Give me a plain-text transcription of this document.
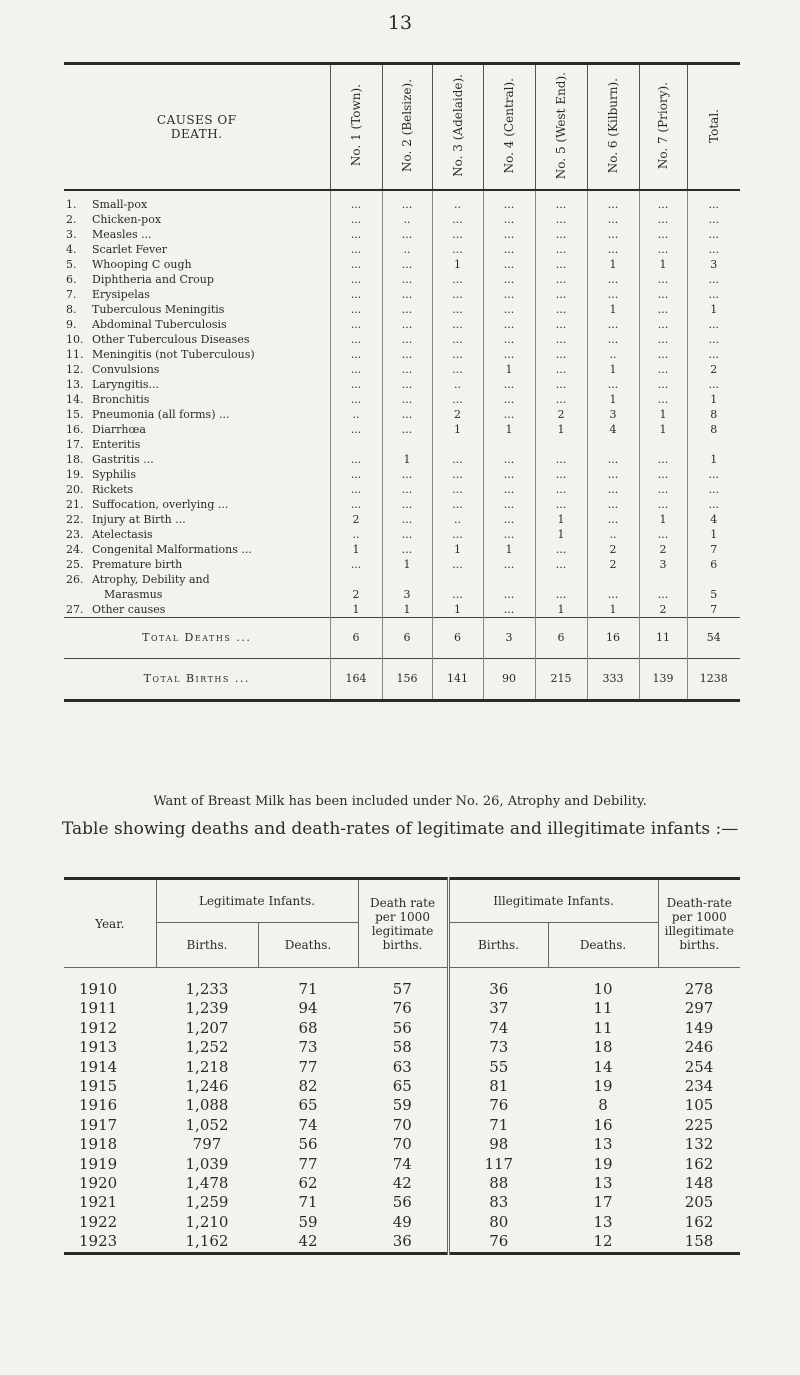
13
CAUSES OF DEATH.	No. 1 (Town).	No. 2 (Belsize).	No. 3 (Adelaide).	No. 4 (Central).	No. 5 (West End).	No. 6 (Kilburn).	No. 7 (Priory).	Total.
1. Small-pox	...	...	..	...	...	...	...	...
2. Chicken-pox	...	..	...	...	...	...	...	...
3. Measles ...	...	...	...	...	...	...	...	...
4. Scarlet Fever	...	..	...	...	...	...	...	...
5. Whooping C ough	...	...	1	...	...	1	1	3
6. Diphtheria and Croup	...	...	...	...	...	...	...	...
7. Erysipelas	...	...	...	...	...	...	...	...
8. Tuberculous Meningitis	...	...	...	...	...	1	...	1
9. Abdominal Tuberculosis	...	...	...	...	...	...	...	...
10. Other Tuberculous Diseases	...	...	...	...	...	...	...	...
11. Meningitis (not Tuberculous)	...	...	...	...	...	..	...	...
12. Convulsions	...	...	...	1	...	1	...	2
13. Laryngitis...	...	...	..	...	...	...	...	...
14. Bronchitis	...	...	...	...	...	1	...	1
15. Pneumonia (all forms) ...	..	...	2	...	2	3	1	8
16. Diarrhœa	...	...	1	1	1	4	1	8
17. Enteritis								
18. Gastritis ...	...	1	...	...	...	...	...	1
19. Syphilis	...	...	...	...	...	...	...	...
20. Rickets	...	...	...	...	...	...	...	...
21. Suffocation, overlying ...	...	...	...	...	...	...	...	...
22. Injury at Birth ...	2	...	..	...	1	...	1	4
23. Atelectasis	..	...	...	...	1	..	...	1
24. Congenital Malformations ...	1	...	1	1	...	2	2	7
25. Premature birth	...	1	...	...	...	2	3	6
26. Atrophy, Debility and								
Marasmus	2	3	...	...	...	...	...	5
27. Other causes	1	1	1	...	1	1	2	7
Total Deaths ...	6	6	6	3	6	16	11	54
Total Births ...	164	156	141	90	215	333	139	1238
Want of Breast Milk has been included under No. 26, Atrophy and Debility.
Table showing deaths and death-rates of legitimate and illegitimate infants :—
Year.	Legitimate Infants.		Death rate per 1000 legitimate births.	Illegitimate Infants.		Death-rate per 1000 illegitimate births.
	Births.	Deaths.		Births.	Deaths.	
1910	1,233	71	57	36	10	278
1911	1,239	94	76	37	11	297
1912	1,207	68	56	74	11	149
1913	1,252	73	58	73	18	246
1914	1,218	77	63	55	14	254
1915	1,246	82	65	81	19	234
1916	1,088	65	59	76	8	105
1917	1,052	74	70	71	16	225
1918	797	56	70	98	13	132
1919	1,039	77	74	117	19	162
1920	1,478	62	42	88	13	148
1921	1,259	71	56	83	17	205
1922	1,210	59	49	80	13	162
1923	1,162	42	36	76	12	158
